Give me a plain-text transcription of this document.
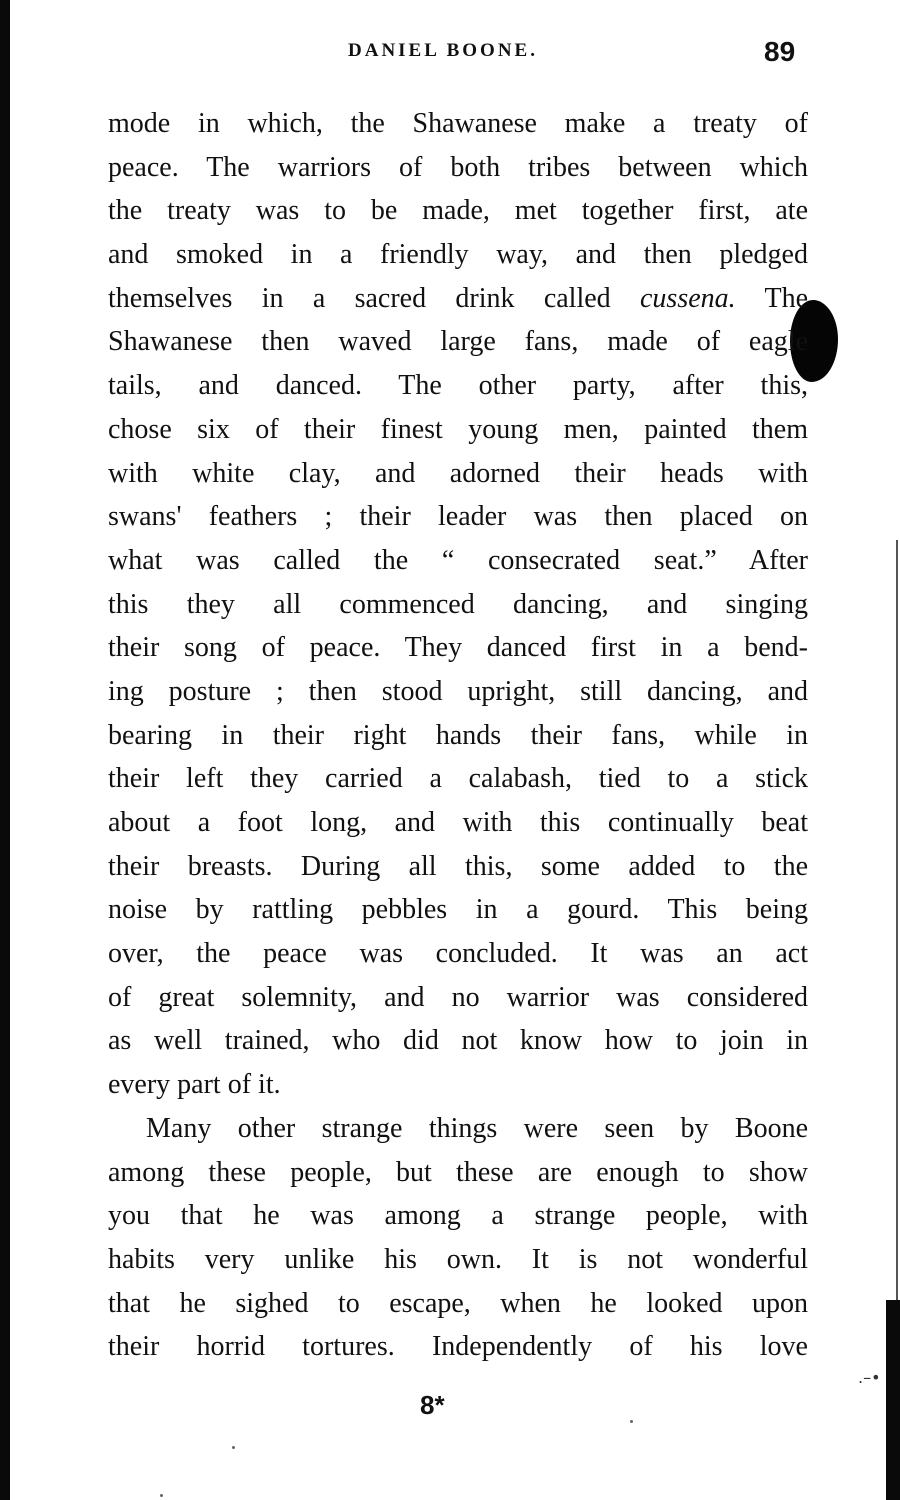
.–•
DANIEL BOONE.	89
mode in which, the Shawanese make a treaty of
peace. The warriors of both tribes between which
the treaty was to be made, met together first, ate
and smoked in a friendly way, and then pledged
themselves in a sacred drink called cussena. The
Shawanese then waved large fans, made of eagle
tails, and danced. The other party, after this,
chose six of their finest young men, painted them
with white clay, and adorned their heads with
swans' feathers ; their leader was then placed on
what was called the “ consecrated seat.” After
this they all commenced dancing, and singing
their song of peace. They danced first in a bend-
ing posture ; then stood upright, still dancing, and
bearing in their right hands their fans, while in
their left they carried a calabash, tied to a stick
about a foot long, and with this continually beat
their breasts. During all this, some added to the
noise by rattling pebbles in a gourd. This being
over, the peace was concluded. It was an act
of great solemnity, and no warrior was considered
as well trained, who did not know how to join in
every part of it.
Many other strange things were seen by Boone
among these people, but these are enough to show
you that he was among a strange people, with
habits very unlike his own. It is not wonderful
that he sighed to escape, when he looked upon
their horrid tortures. Independently of his love
8*
